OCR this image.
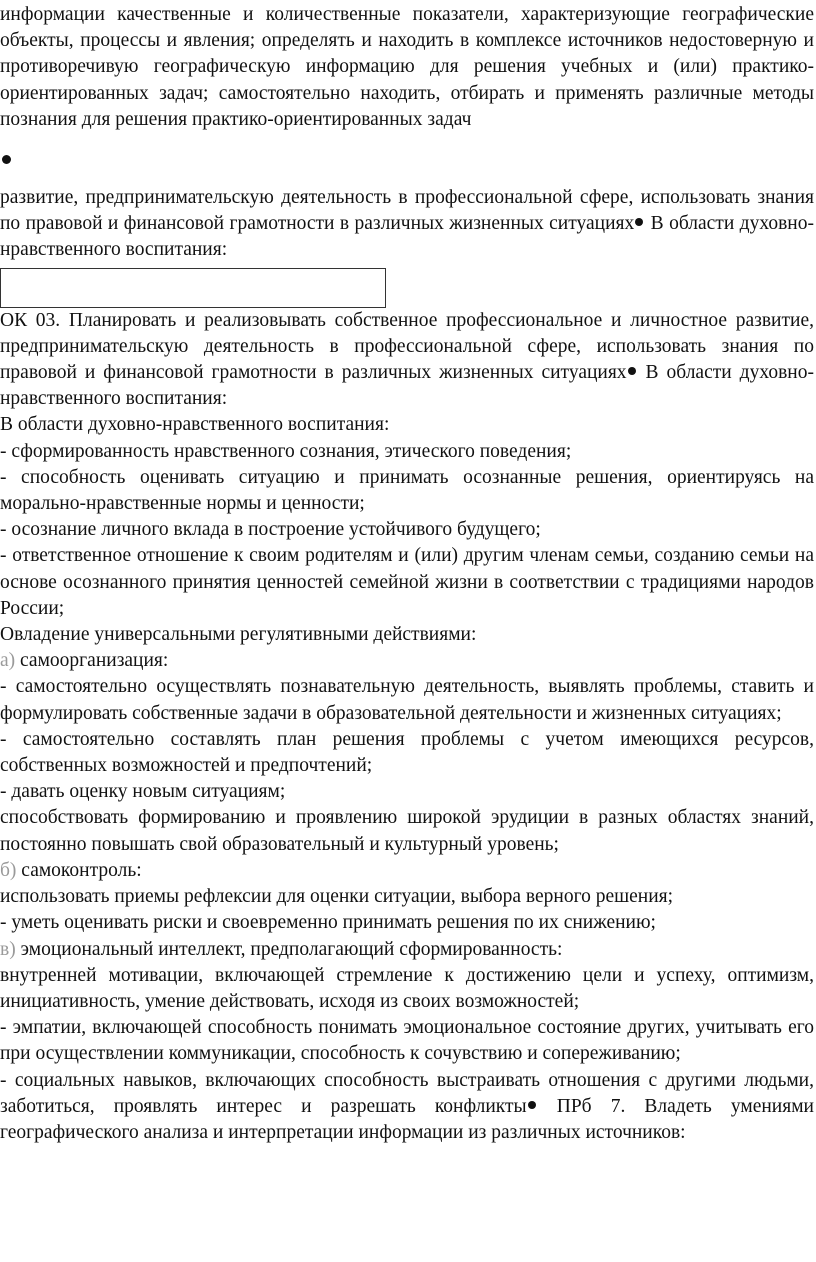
информации качественные и количественные показатели, характеризующие географические объекты, процессы и явления; определять и находить в комплексе источников недостоверную и противоречивую географическую информацию для решения учебных и (или) практико-ориентированных задач; самостоятельно находить, отбирать и применять различные методы познания для решения практико-ориентированных задач

развитие, предпринимательскую деятельность в профессиональной сфере, использовать знания по правовой и финансовой грамотности в различных жизненных ситуациях В области духовно-нравственного воспитания:

ОК 03. Планировать и реализовывать собственное профессиональное и личностное развитие, предпринимательскую деятельность в профессиональной сфере, использовать знания по правовой и финансовой грамотности в различных жизненных ситуациях В области духовно-нравственного воспитания:

В области духовно-нравственного воспитания:

- сформированность нравственного сознания, этического поведения;

- способность оценивать ситуацию и принимать осознанные решения, ориентируясь на морально-нравственные нормы и ценности;

- осознание личного вклада в построение устойчивого будущего;

- ответственное отношение к своим родителям и (или) другим членам семьи, созданию семьи на основе осознанного принятия ценностей семейной жизни в соответствии с традициями народов России;

Овладение универсальными регулятивными действиями:

а) самоорганизация:

- самостоятельно осуществлять познавательную деятельность, выявлять проблемы, ставить и формулировать собственные задачи в образовательной деятельности и жизненных ситуациях;

- самостоятельно составлять план решения проблемы с учетом имеющихся ресурсов, собственных возможностей и предпочтений;

- давать оценку новым ситуациям;

способствовать формированию и проявлению широкой эрудиции в разных областях знаний, постоянно повышать свой образовательный и культурный уровень;

б) самоконтроль:

использовать приемы рефлексии для оценки ситуации, выбора верного решения;

- уметь оценивать риски и своевременно принимать решения по их снижению;

в) эмоциональный интеллект, предполагающий сформированность:

внутренней мотивации, включающей стремление к достижению цели и успеху, оптимизм, инициативность, умение действовать, исходя из своих возможностей;

- эмпатии, включающей способность понимать эмоциональное состояние других, учитывать его при осуществлении коммуникации, способность к сочувствию и сопереживанию;

- социальных навыков, включающих способность выстраивать отношения с другими людьми, заботиться, проявлять интерес и разрешать конфликты ПРб 7. Владеть умениями географического анализа и интерпретации информации из различных источников:
